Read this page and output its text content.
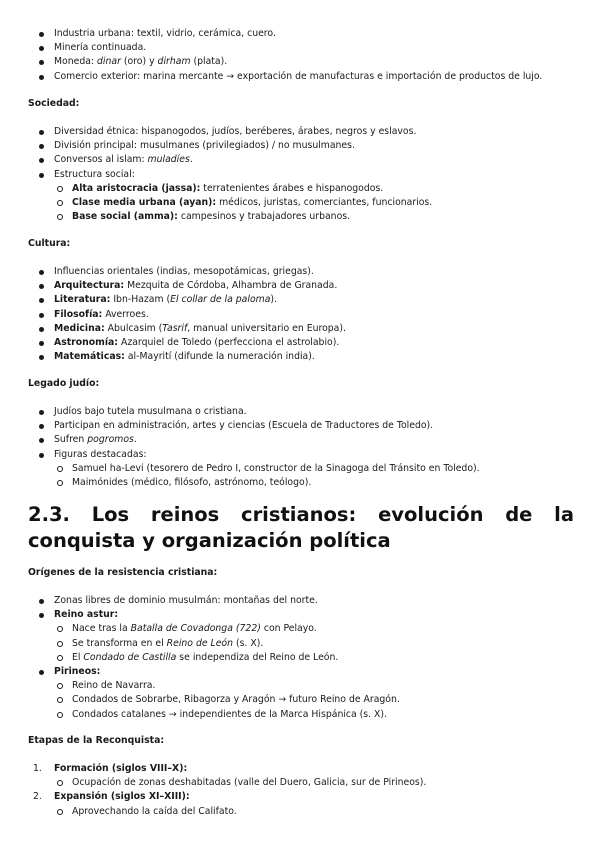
Industria urbana: textil, vidrio, cerámica, cuero.
Minería continuada.
Moneda: dinar (oro) y dirham (plata).
Comercio exterior: marina mercante → exportación de manufacturas e importación de productos de lujo.
Sociedad:
Diversidad étnica: hispanogodos, judíos, beréberes, árabes, negros y eslavos.
División principal: musulmanes (privilegiados) / no musulmanes.
Conversos al islam: muladíes.
Estructura social:
Alta aristocracia (jassa): terratenientes árabes e hispanogodos.
Clase media urbana (ayan): médicos, juristas, comerciantes, funcionarios.
Base social (amma): campesinos y trabajadores urbanos.
Cultura:
Influencias orientales (indias, mesopotámicas, griegas).
Arquitectura: Mezquita de Córdoba, Alhambra de Granada.
Literatura: Ibn-Hazam (El collar de la paloma).
Filosofía: Averroes.
Medicina: Abulcasim (Tasrif, manual universitario en Europa).
Astronomía: Azarquiel de Toledo (perfecciona el astrolabio).
Matemáticas: al-Mayrití (difunde la numeración india).
Legado judío:
Judíos bajo tutela musulmana o cristiana.
Participan en administración, artes y ciencias (Escuela de Traductores de Toledo).
Sufren pogromos.
Figuras destacadas:
Samuel ha-Levi (tesorero de Pedro I, constructor de la Sinagoga del Tránsito en Toledo).
Maimónides (médico, filósofo, astrónomo, teólogo).
2.3. Los reinos cristianos: evolución de la conquista y organización política
Orígenes de la resistencia cristiana:
Zonas libres de dominio musulmán: montañas del norte.
Reino astur:
Nace tras la Batalla de Covadonga (722) con Pelayo.
Se transforma en el Reino de León (s. X).
El Condado de Castilla se independiza del Reino de León.
Pirineos:
Reino de Navarra.
Condados de Sobrarbe, Ribagorza y Aragón → futuro Reino de Aragón.
Condados catalanes → independientes de la Marca Hispánica (s. X).
Etapas de la Reconquista:
1. Formación (siglos VIII–X):
Ocupación de zonas deshabitadas (valle del Duero, Galicia, sur de Pirineos).
2. Expansión (siglos XI–XIII):
Aprovechando la caída del Califato.
